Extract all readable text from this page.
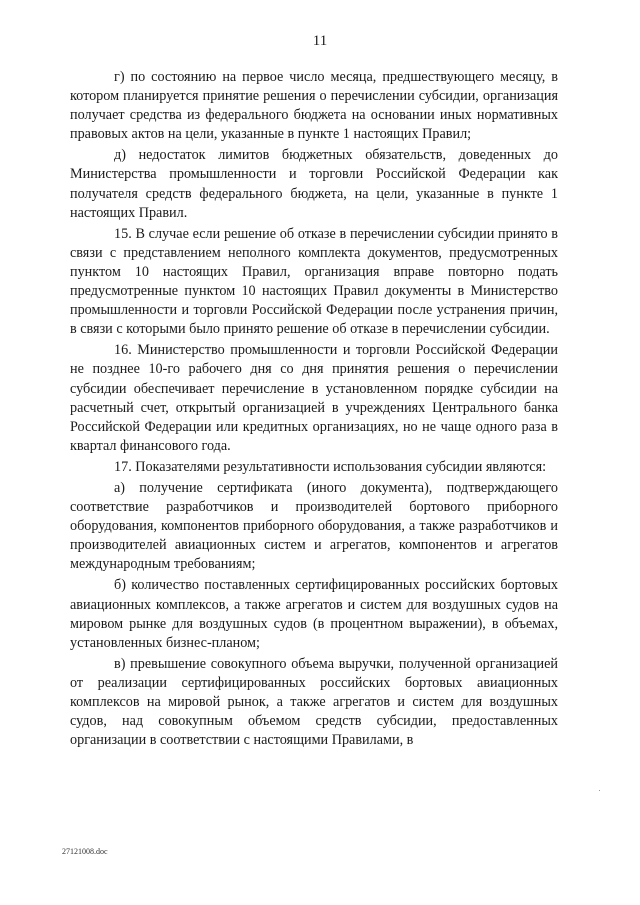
11

г) по состоянию на первое число месяца, предшествующего месяцу, в котором планируется принятие решения о перечислении субсидии, организация получает средства из федерального бюджета на основании иных нормативных правовых актов на цели, указанные в пункте 1 настоящих Правил;

д) недостаток лимитов бюджетных обязательств, доведенных до Министерства промышленности и торговли Российской Федерации как получателя средств федерального бюджета, на цели, указанные в пункте 1 настоящих Правил.

15. В случае если решение об отказе в перечислении субсидии принято в связи с представлением неполного комплекта документов, предусмотренных пунктом 10 настоящих Правил, организация вправе повторно подать предусмотренные пунктом 10 настоящих Правил документы в Министерство промышленности и торговли Российской Федерации после устранения причин, в связи с которыми было принято решение об отказе в перечислении субсидии.

16. Министерство промышленности и торговли Российской Федерации не позднее 10-го рабочего дня со дня принятия решения о перечислении субсидии обеспечивает перечисление в установленном порядке субсидии на расчетный счет, открытый организацией в учреждениях Центрального банка Российской Федерации или кредитных организациях, но не чаще одного раза в квартал финансового года.

17. Показателями результативности использования субсидии являются:

а) получение сертификата (иного документа), подтверждающего соответствие разработчиков и производителей бортового приборного оборудования, компонентов приборного оборудования, а также разработчиков и производителей авиационных систем и агрегатов, компонентов и агрегатов международным требованиям;

б) количество поставленных сертифицированных российских бортовых авиационных комплексов, а также агрегатов и систем для воздушных судов на мировом рынке для воздушных судов (в процентном выражении), в объемах, установленных бизнес-планом;

в) превышение совокупного объема выручки, полученной организацией от реализации сертифицированных российских бортовых авиационных комплексов на мировой рынок, а также агрегатов и систем для воздушных судов, над совокупным объемом средств субсидии, предоставленных организации в соответствии с настоящими Правилами, в

27121008.doc
